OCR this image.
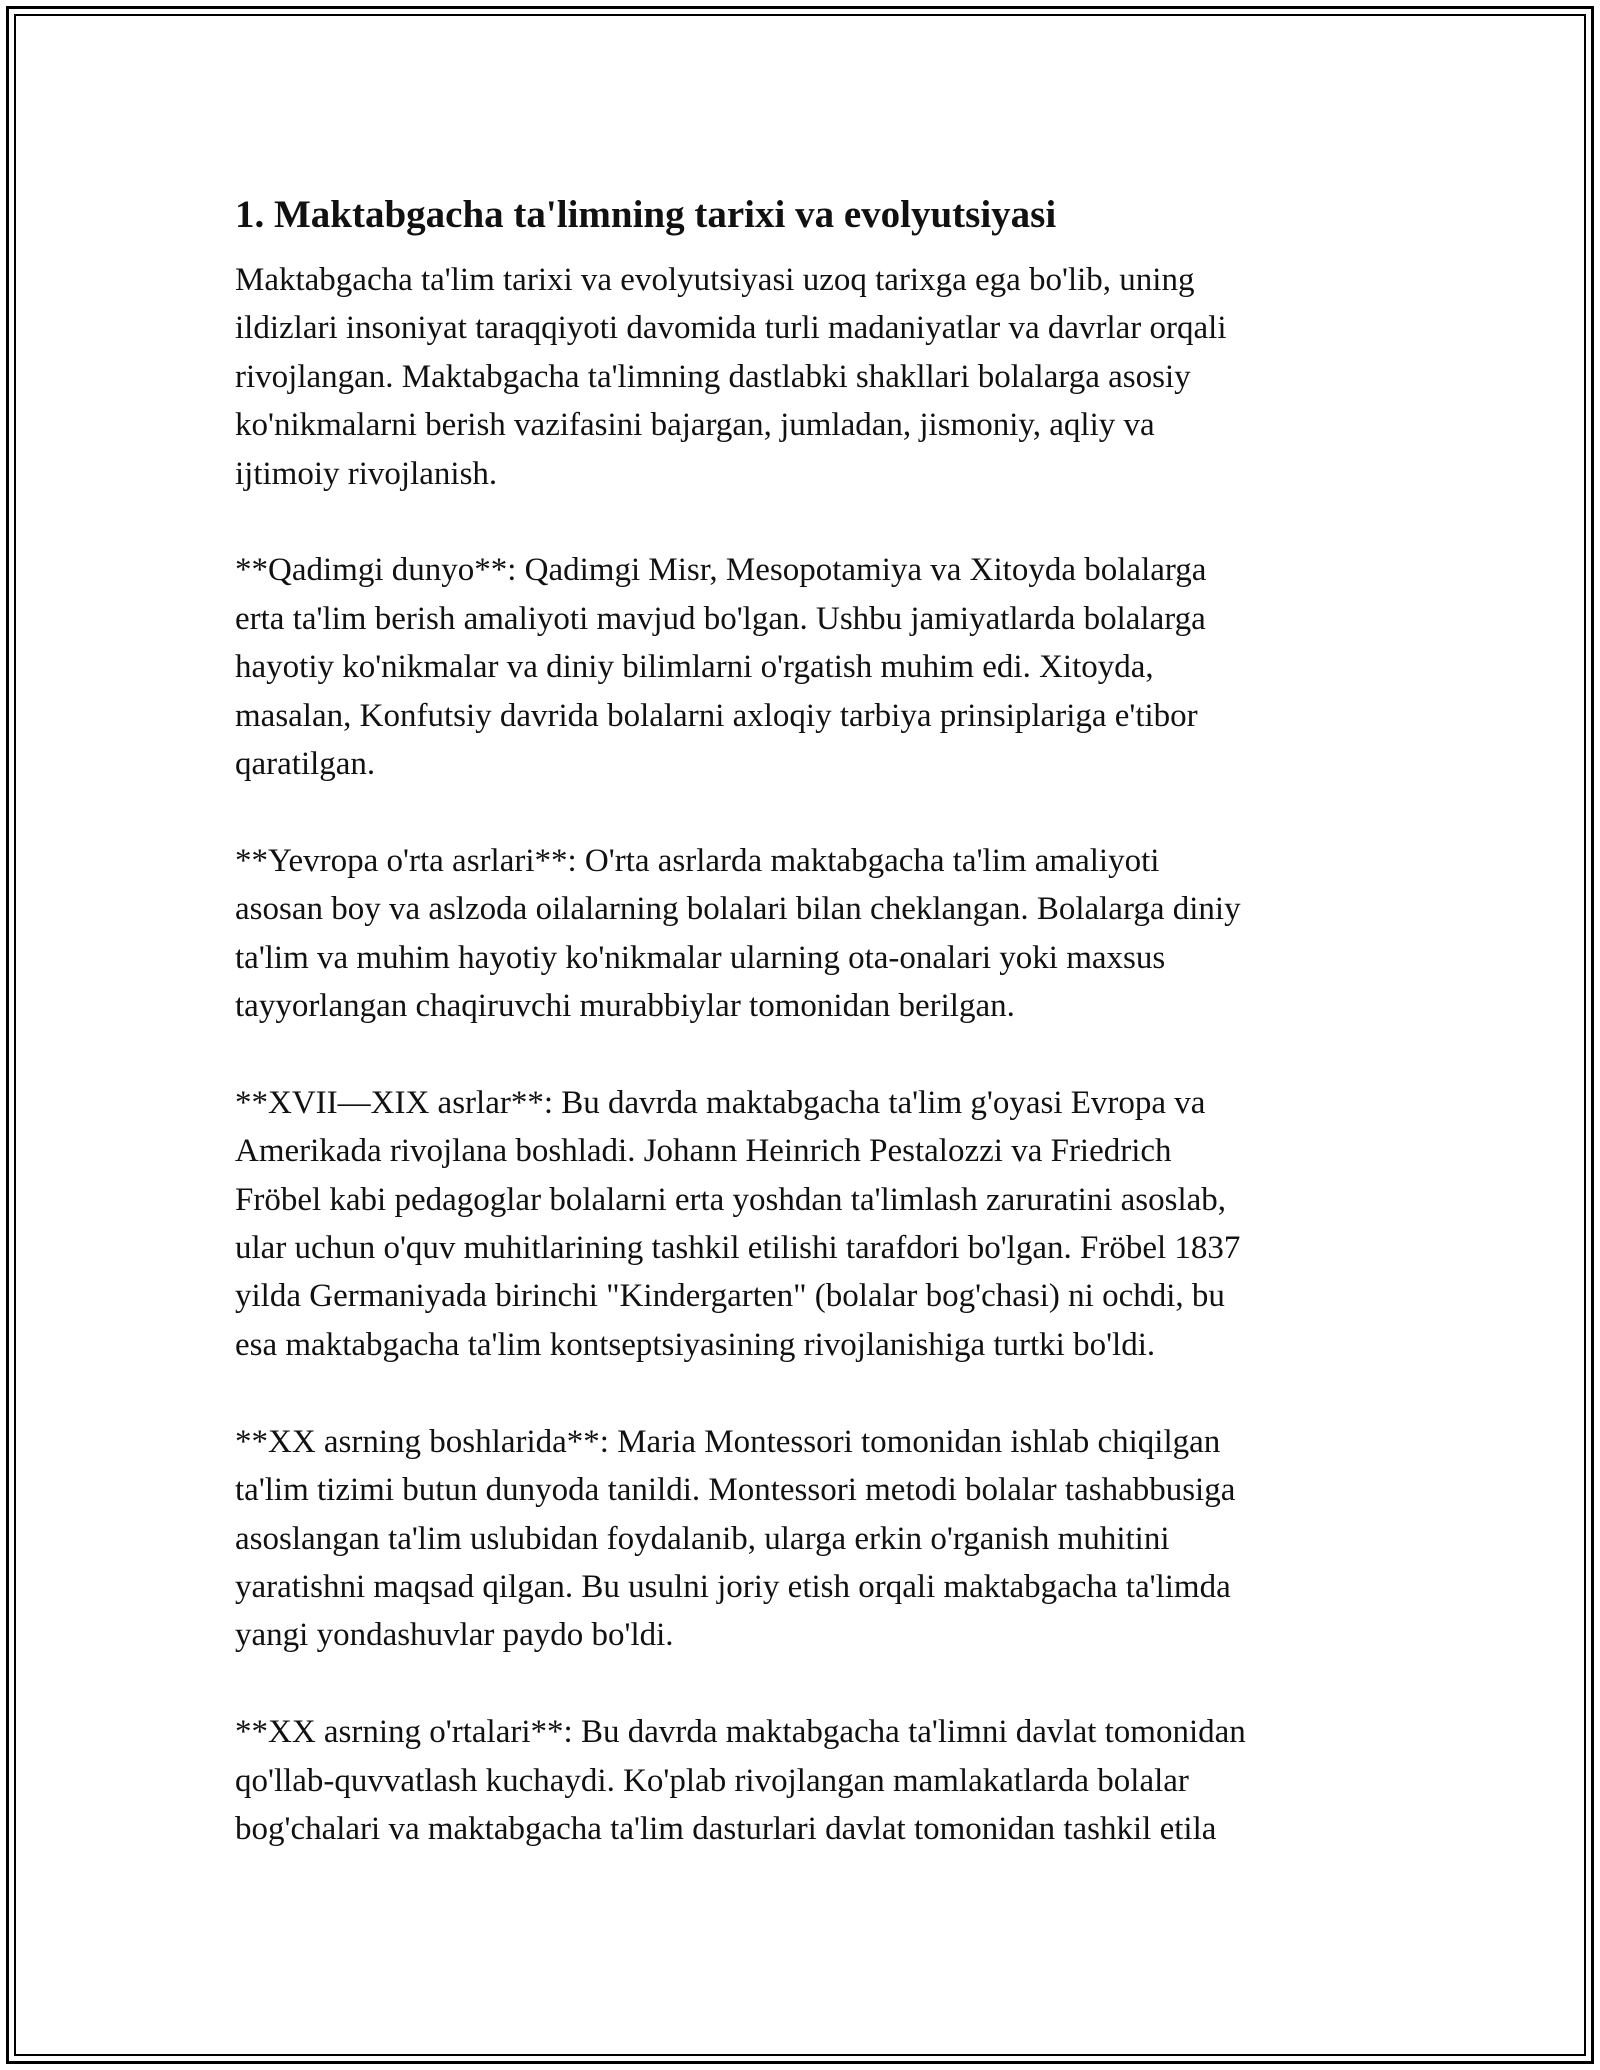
1. Maktabgacha ta'limning tarixi va evolyutsiyasi

Maktabgacha ta'lim tarixi va evolyutsiyasi uzoq tarixga ega bo'lib, uning
ildizlari insoniyat taraqqiyoti davomida turli madaniyatlar va davrlar orqali
rivojlangan. Maktabgacha ta'limning dastlabki shakllari bolalarga asosiy
ko'nikmalarni berish vazifasini bajargan, jumladan, jismoniy, aqliy va
ijtimoiy rivojlanish.

**Qadimgi dunyo**: Qadimgi Misr, Mesopotamiya va Xitoyda bolalarga
erta ta'lim berish amaliyoti mavjud bo'lgan. Ushbu jamiyatlarda bolalarga
hayotiy ko'nikmalar va diniy bilimlarni o'rgatish muhim edi. Xitoyda,
masalan, Konfutsiy davrida bolalarni axloqiy tarbiya prinsiplariga e'tibor
qaratilgan.

**Yevropa o'rta asrlari**: O'rta asrlarda maktabgacha ta'lim amaliyoti
asosan boy va aslzoda oilalarning bolalari bilan cheklangan. Bolalarga diniy
ta'lim va muhim hayotiy ko'nikmalar ularning ota-onalari yoki maxsus
tayyorlangan chaqiruvchi murabbiylar tomonidan berilgan.

**XVII—XIX asrlar**: Bu davrda maktabgacha ta'lim g'oyasi Evropa va
Amerikada rivojlana boshladi. Johann Heinrich Pestalozzi va Friedrich
Fröbel kabi pedagoglar bolalarni erta yoshdan ta'limlash zaruratini asoslab,
ular uchun o'quv muhitlarining tashkil etilishi tarafdori bo'lgan. Fröbel 1837
yilda Germaniyada birinchi "Kindergarten" (bolalar bog'chasi) ni ochdi, bu
esa maktabgacha ta'lim kontseptsiyasining rivojlanishiga turtki bo'ldi.

**XX asrning boshlarida**: Maria Montessori tomonidan ishlab chiqilgan
ta'lim tizimi butun dunyoda tanildi. Montessori metodi bolalar tashabbusiga
asoslangan ta'lim uslubidan foydalanib, ularga erkin o'rganish muhitini
yaratishni maqsad qilgan. Bu usulni joriy etish orqali maktabgacha ta'limda
yangi yondashuvlar paydo bo'ldi.

**XX asrning o'rtalari**: Bu davrda maktabgacha ta'limni davlat tomonidan
qo'llab-quvvatlash kuchaydi. Ko'plab rivojlangan mamlakatlarda bolalar
bog'chalari va maktabgacha ta'lim dasturlari davlat tomonidan tashkil etila
